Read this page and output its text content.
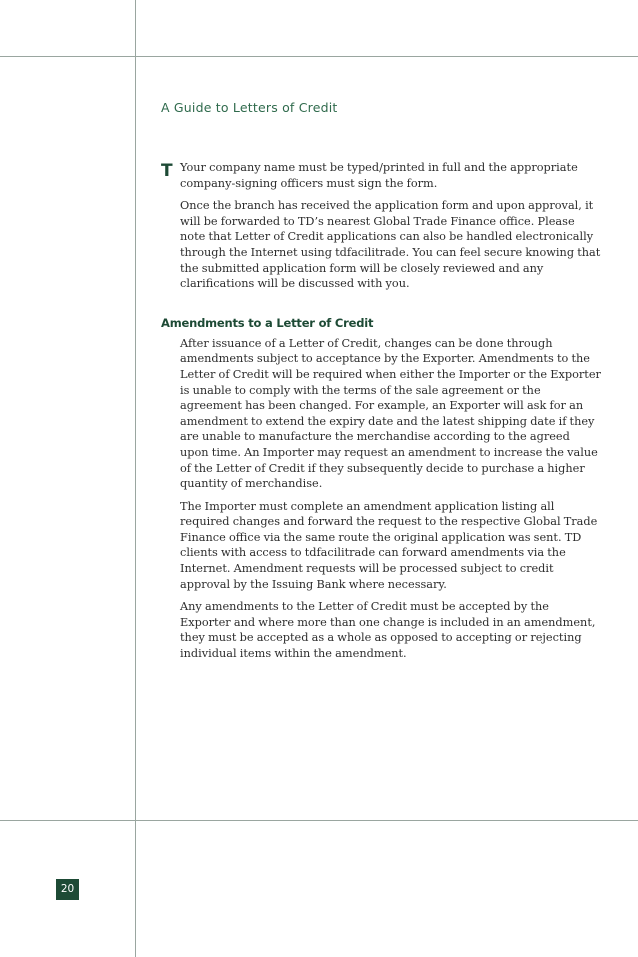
A Guide to Letters of Credit
T Your company name must be typed/printed in full and the appropriate company-signing officers must sign the form.

Once the branch has received the application form and upon approval, it will be forwarded to TD’s nearest Global Trade Finance office. Please note that Letter of Credit applications can also be handled electronically through the Internet using tdfacilitrade. You can feel secure knowing that the submitted application form will be closely reviewed and any clarifications will be discussed with you.

Amendments to a Letter of Credit

After issuance of a Letter of Credit, changes can be done through amendments subject to acceptance by the Exporter. Amendments to the Letter of Credit will be required when either the Importer or the Exporter is unable to comply with the terms of the sale agreement or the agreement has been changed. For example, an Exporter will ask for an amendment to extend the expiry date and the latest shipping date if they are unable to manufacture the merchandise according to the agreed upon time. An Importer may request an amendment to increase the value of the Letter of Credit if they subsequently decide to purchase a higher quantity of merchandise.

The Importer must complete an amendment application listing all required changes and forward the request to the respective Global Trade Finance office via the same route the original application was sent. TD clients with access to tdfacilitrade can forward amendments via the Internet. Amendment requests will be processed subject to credit approval by the Issuing Bank where necessary.

Any amendments to the Letter of Credit must be accepted by the Exporter and where more than one change is included in an amendment, they must be accepted as a whole as opposed to accepting or rejecting individual items within the amendment.

20
